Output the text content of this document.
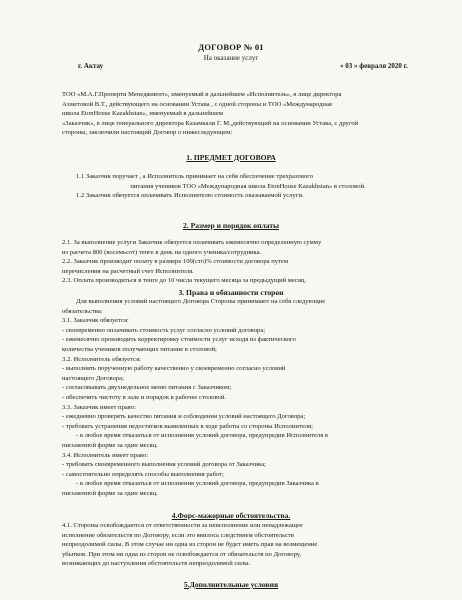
ДОГОВОР № 01
На оказание услуг
г. Актау	« 03 » февраля 2020 г.
ТОО «М.А.Г.Проперти Менеджмент», именуемый в дальнейшем «Исполнитель», в лице директора
Ахметовой В.Т., действующего на основании Устава , с одной стороны и ТОО «Международная
школа EtonHouse Kazakhstan», именуемый в дальнейшем
«Заказчик», в лице генерального директора Казамкали Г. М.,действующий на основании Устава, с другой
стороны, заключили настоящий Договор о нижеследующем:
1. ПРЕДМЕТ ДОГОВОРА
1.1 Заказчик поручает , а Исполнитель принимает на себя обеспечение трехразового
питания учеников ТОО «Международная школа EtonHouse Kazakhstan» в столовой.
1.2 Заказчик обязуется оплачивать Исполнителю стоимость оказываемой услуги.
2. Размер и порядок оплаты
2.1. За выполнение услуги Заказчик обязуется оплачивать ежемесячно определенную сумму
из расчета 800 (восемьсот) тенге в день на одного ученика/сотрудника.
2.2. Заказчик производит оплату в размере 100(сто)% стоимости договора путем
перечисления на расчетный счет Исполнителя.
2.3. Оплата производиться в тенге до 10 числа текущего месяца за предыдущий месяц.
3. Права и обязанности сторон
Для выполнения условий настоящего Договора Стороны принимают на себя следующие
обязательства:
3.1. Заказчик обязуется:
- своевременно оплачивать стоимость услуг согласно условий договора;
- ежемесячно производить корректировку стоимости услуг исходя из фактического
количества учеников получающих питание в столовой;
3.2. Исполнитель обязуется:
- выполнять порученную работу качественно у своевременно согласно условий
настоящего Договора;
- согласовывать двухнедельное меню питания с Заказчиком;
- обеспечить чистоту в зале и порядок в рабочее столовой.
3.3. Заказчик имеет право:
- ежедневно проверять качество питания и соблюдения условий настоящего Договора;
- требовать устранения недостатков выявленных в ходе работы со стороны Исполнителя;
- в любое время отказаться от исполнения условий договора, предупредив Исполнителя в
письменной форме за один месяц.
3.4. Исполнитель имеет право:
- требовать своевременного выполнения условий договора от Заказчика;
- самостоятельно определять способы выполнения работ;
- в любое время отказаться от исполнения условий договора, предупредив Заказчика в
письменной форме за один месяц.
4.Форс-мажорные обстоятельства.
4.1. Стороны освобождаются от ответственности за неисполнение или ненадлежащее
исполнение обязательств по Договору, если это явилось следствием обстоятельств
непреодолимой силы. В этом случае ни одна из сторон не будет иметь прав на возмещение
убытков. При этом ни одна из сторон не освобождается от обязательств по Договору,
возникающих до наступления обстоятельств непреодолимой силы.
5.Дополнительные условия
